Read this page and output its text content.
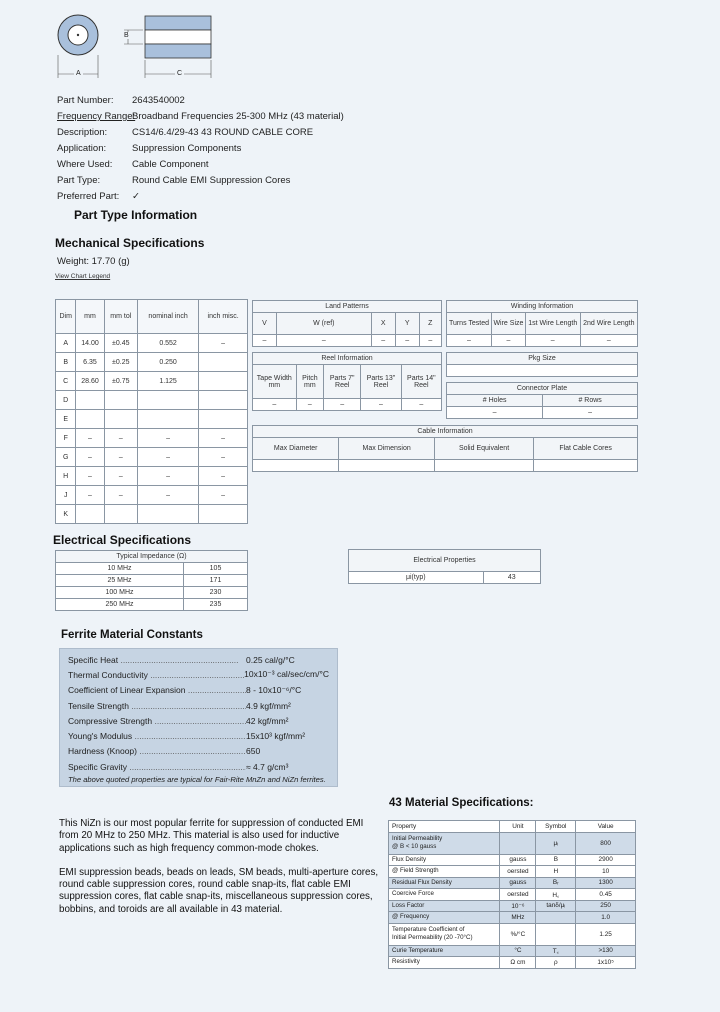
A
B
C
Part Number:	2643540002
Frequency Range:
Broadband Frequencies 25-300 MHz (43 material)
Description:	CS14/6.4/29-43 43 ROUND CABLE CORE
Application:	Suppression Components
Where Used:	Cable Component
Part Type:	Round Cable EMI Suppression Cores
Preferred Part:	✓
Part Type Information
Mechanical Specifications
Weight: 17.70 (g)
View Chart Legend
Dim	mm	mm tol	nominal inch	inch misc.
A	14.00	±0.45	0.552	–
B	6.35	±0.25	0.250	
C	28.60	±0.75	1.125	
D				
E				
F	–	–	–	–
G	–	–	–	–
H	–	–	–	–
J	–	–	–	–
K				
Land Patterns				
V	W (ref)	X	Y	Z
–	–	–	–	–
Winding Information			
Turns Tested	Wire Size	1st Wire Length	2nd Wire Length
–	–	–	–
Reel Information				
Tape Width mm	Pitch mm	Parts 7" Reel	Parts 13" Reel	Parts 14" Reel
–	–	–	–	–
Pkg Size

Connector Plate	
# Holes	# Rows
–	–
Cable Information			
Max Diameter	Max Dimension	Solid Equivalent	Flat Cable Cores

Electrical Specifications
Typical Impedance (Ω)	
10 MHz	105
25 MHz	171
100 MHz	230
250 MHz	235
Electrical Properties
μi(typ)	43
Ferrite Material Constants
Specific Heat .....	0.25 cal/g/°C
Thermal Conductivity .....	10x10⁻³ cal/sec/cm/°C
Coefficient of Linear Expansion .....	8 - 10x10⁻⁶/°C
Tensile Strength .....	4.9 kgf/mm²
Compressive Strength .....	42 kgf/mm²
Young's Modulus .....	15x10³ kgf/mm²
Hardness (Knoop) .....	650
Specific Gravity .....	≈ 4.7 g/cm³
The above quoted properties are typical for Fair-Rite MnZn and NiZn ferrites.

This NiZn is our most popular ferrite for suppression of conducted EMI from 20 MHz to 250 MHz. This material is also used for inductive applications such as high frequency common-mode chokes.

EMI suppression beads, beads on leads, SM beads, multi-aperture cores, round cable suppression cores, round cable snap-its, flat cable EMI suppression cores, flat cable snap-its, miscellaneous suppression cores, bobbins, and toroids are all available in 43 material.

43 Material Specifications:
Property	Unit	Symbol	Value
Initial Permeability
@ B < 10 gauss		μᵢ	800
Flux Density	gauss	B	2900
@ Field Strength	oersted	H	10
Residual Flux Density	gauss	Bᵣ	1300
Coercive Force	oersted	H꜀	0.45
Loss Factor	10⁻⁶	tanδ/μᵢ	250
@ Frequency	MHz		1.0
Temperature Coefficient of
Initial Permeability (20 -70°C)	%/°C		1.25
Curie Temperature	°C	T꜀	>130
Resistivity	Ω cm	ρ	1x10⁵
